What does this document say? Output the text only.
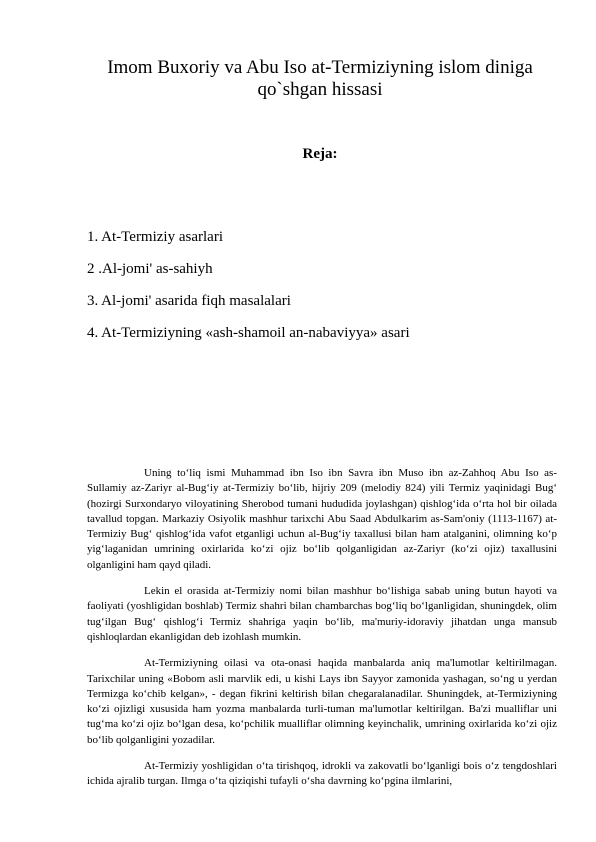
Imom Buxoriy va Abu Iso at-Termiziyning islom diniga qo`shgan hissasi
Reja:
1. At-Termiziy asarlari
2 .Al-jomi' as-sahiyh
3. Al-jomi' asarida fiqh masalalari
4. At-Termiziyning «ash-shamoil an-nabaviyya» asari

Uning to‘liq ismi Muhammad ibn Iso ibn Savra ibn Muso ibn az-Zahhoq Abu Iso as-Sullamiy az-Zariyr al-Bug‘iy at-Termiziy bo‘lib, hijriy 209 (melodiy 824) yili Termiz yaqinidagi Bug‘ (hozirgi Surxondaryo viloyatining Sherobod tumani hududida joylashgan) qishlog‘ida o‘rta hol bir oilada tavallud topgan. Markaziy Osiyolik mashhur tarixchi Abu Saad Abdulkarim as-Sam'oniy (1113-1167) at-Termiziy Bug‘ qishlog‘ida vafot etganligi uchun al-Bug‘iy taxallusi bilan ham atalganini, olimning ko‘p yig‘laganidan umrining oxirlarida ko‘zi ojiz bo‘lib qolganligidan az-Zariyr (ko‘zi ojiz) taxallusini olganligini ham qayd qiladi.

Lekin el orasida at-Termiziy nomi bilan mashhur bo‘lishiga sabab uning butun hayoti va faoliyati (yoshligidan boshlab) Termiz shahri bilan chambarchas bog‘liq bo‘lganligidan, shuningdek, olim tug‘ilgan Bug‘ qishlog‘i Termiz shahriga yaqin bo‘lib, ma'muriy-idoraviy jihatdan unga mansub qishloqlardan ekanligidan deb izohlash mumkin.

At-Termiziyning oilasi va ota-onasi haqida manbalarda aniq ma'lumotlar keltirilmagan. Tarixchilar uning «Bobom asli marvlik edi, u kishi Lays ibn Sayyor zamonida yashagan, so‘ng u yerdan Termizga ko‘chib kelgan», - degan fikrini keltirish bilan chegaralanadilar. Shuningdek, at-Termiziyning ko‘zi ojizligi xususida ham yozma manbalarda turli-tuman ma'lumotlar keltirilgan. Ba'zi mualliflar uni tug‘ma ko‘zi ojiz bo‘lgan desa, ko‘pchilik mualliflar olimning keyinchalik, umrining oxirlarida ko‘zi ojiz bo‘lib qolganligini yozadilar.

At-Termiziy yoshligidan o‘ta tirishqoq, idrokli va zakovatli bo‘lganligi bois o‘z tengdoshlari ichida ajralib turgan. Ilmga o‘ta qiziqishi tufayli o‘sha davrning ko‘pgina ilmlarini,
